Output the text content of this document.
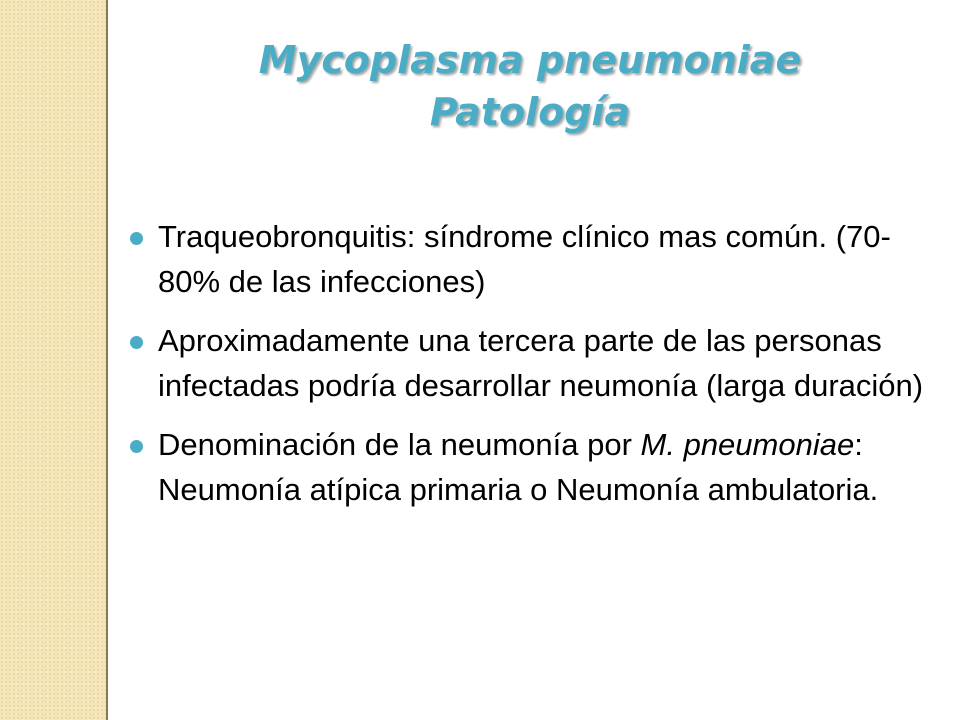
Mycoplasma pneumoniae
Patología
Traqueobronquitis: síndrome clínico mas común. (70-80% de las infecciones)
Aproximadamente una tercera parte de las personas infectadas podría desarrollar neumonía (larga duración)
Denominación de la neumonía por M. pneumoniae: Neumonía atípica primaria o Neumonía ambulatoria.
